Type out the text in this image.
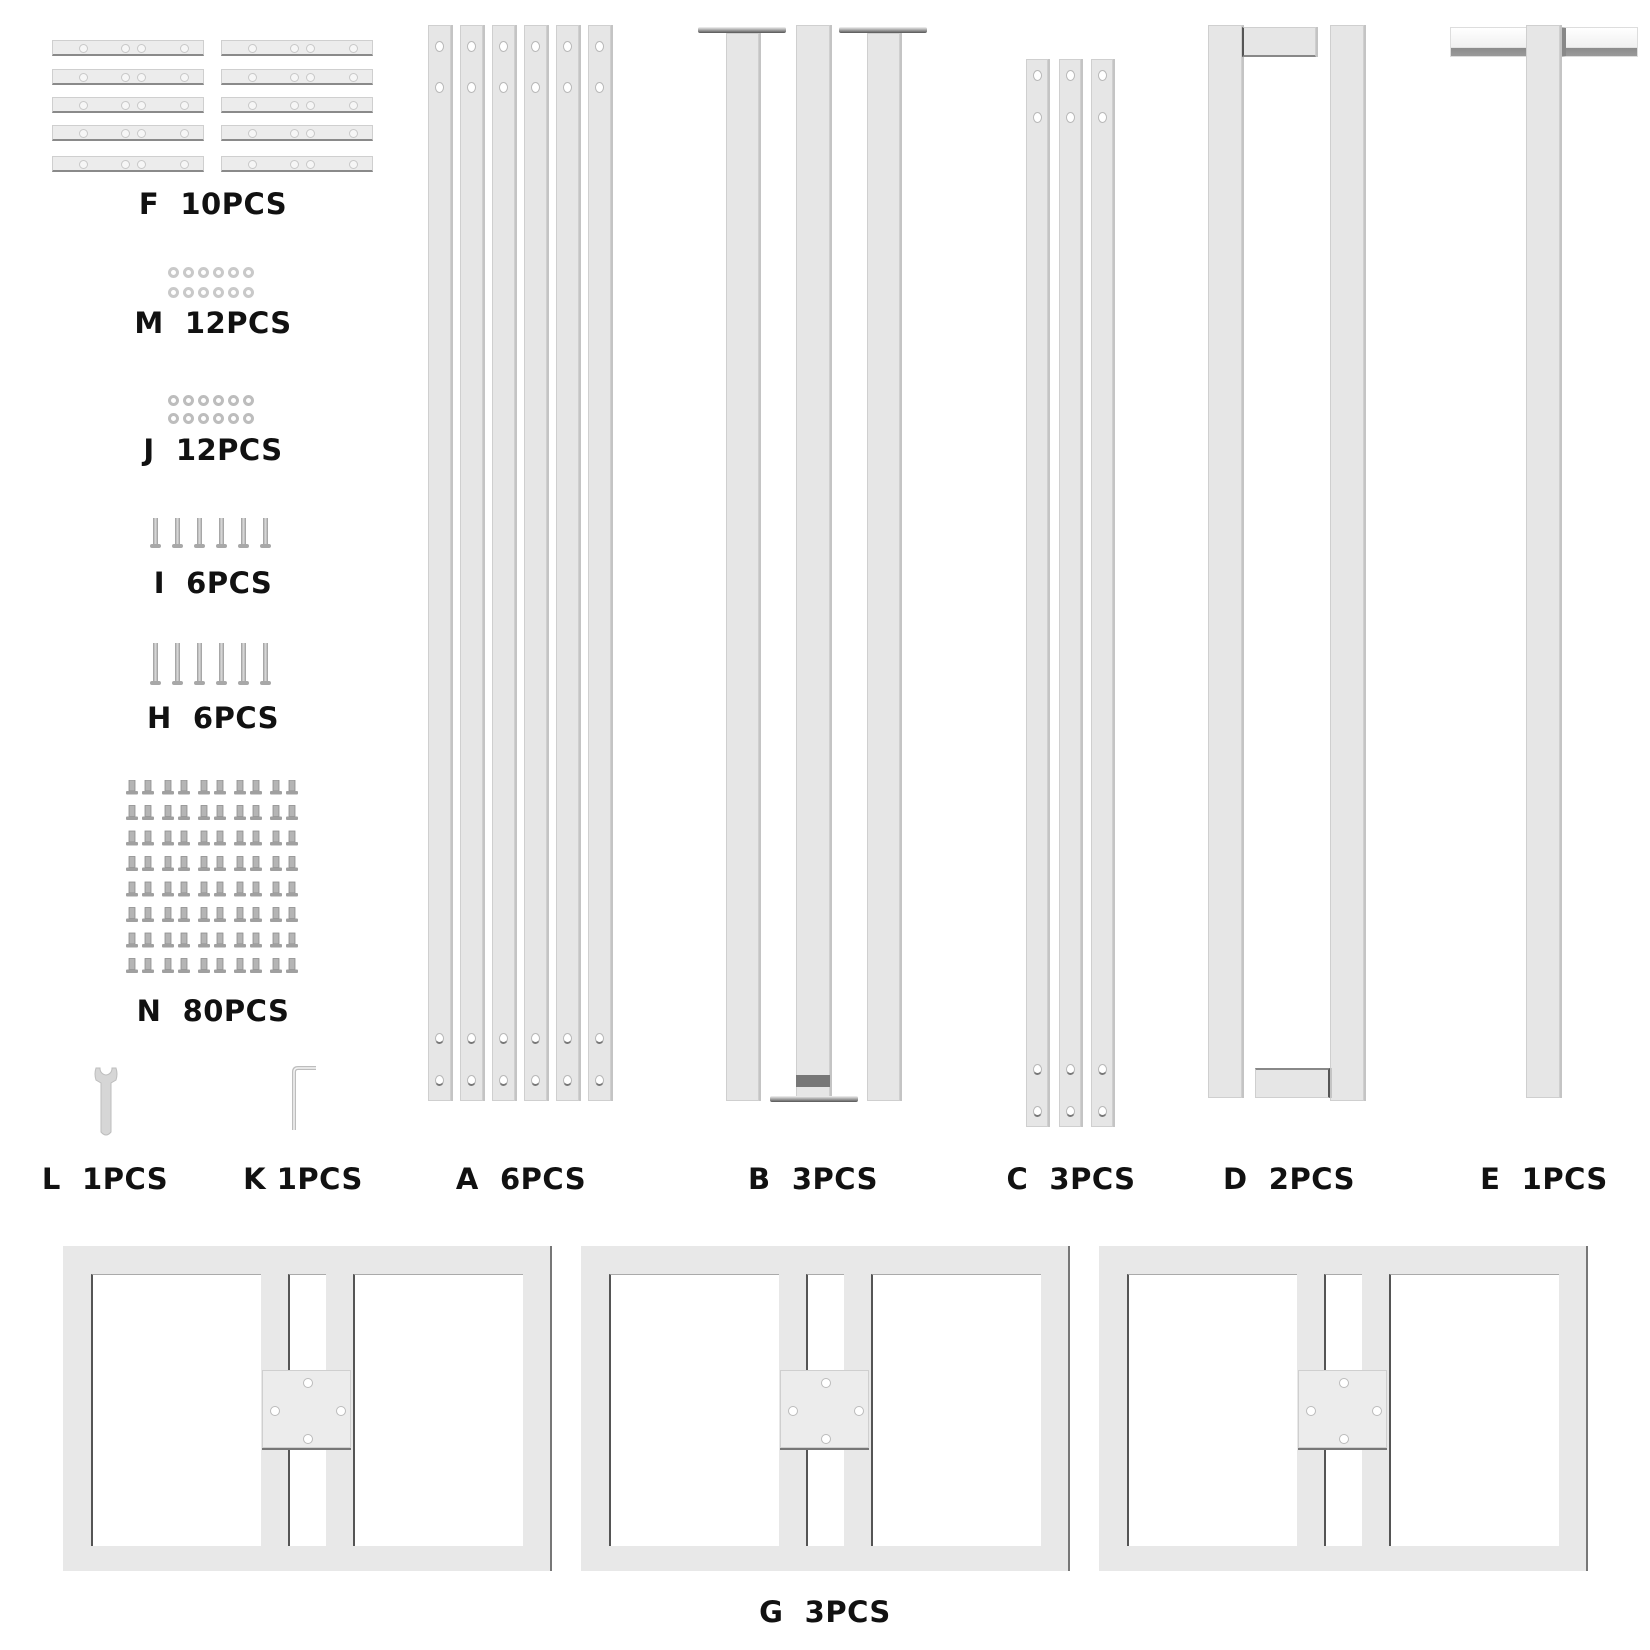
F  10PCS
M  12PCS
J  12PCS
I  6PCS
H  6PCS
N  80PCS
L  1PCS	K 1PCS	A  6PCS	B  3PCS	C  3PCS	D  2PCS	E  1PCS
G  3PCS
